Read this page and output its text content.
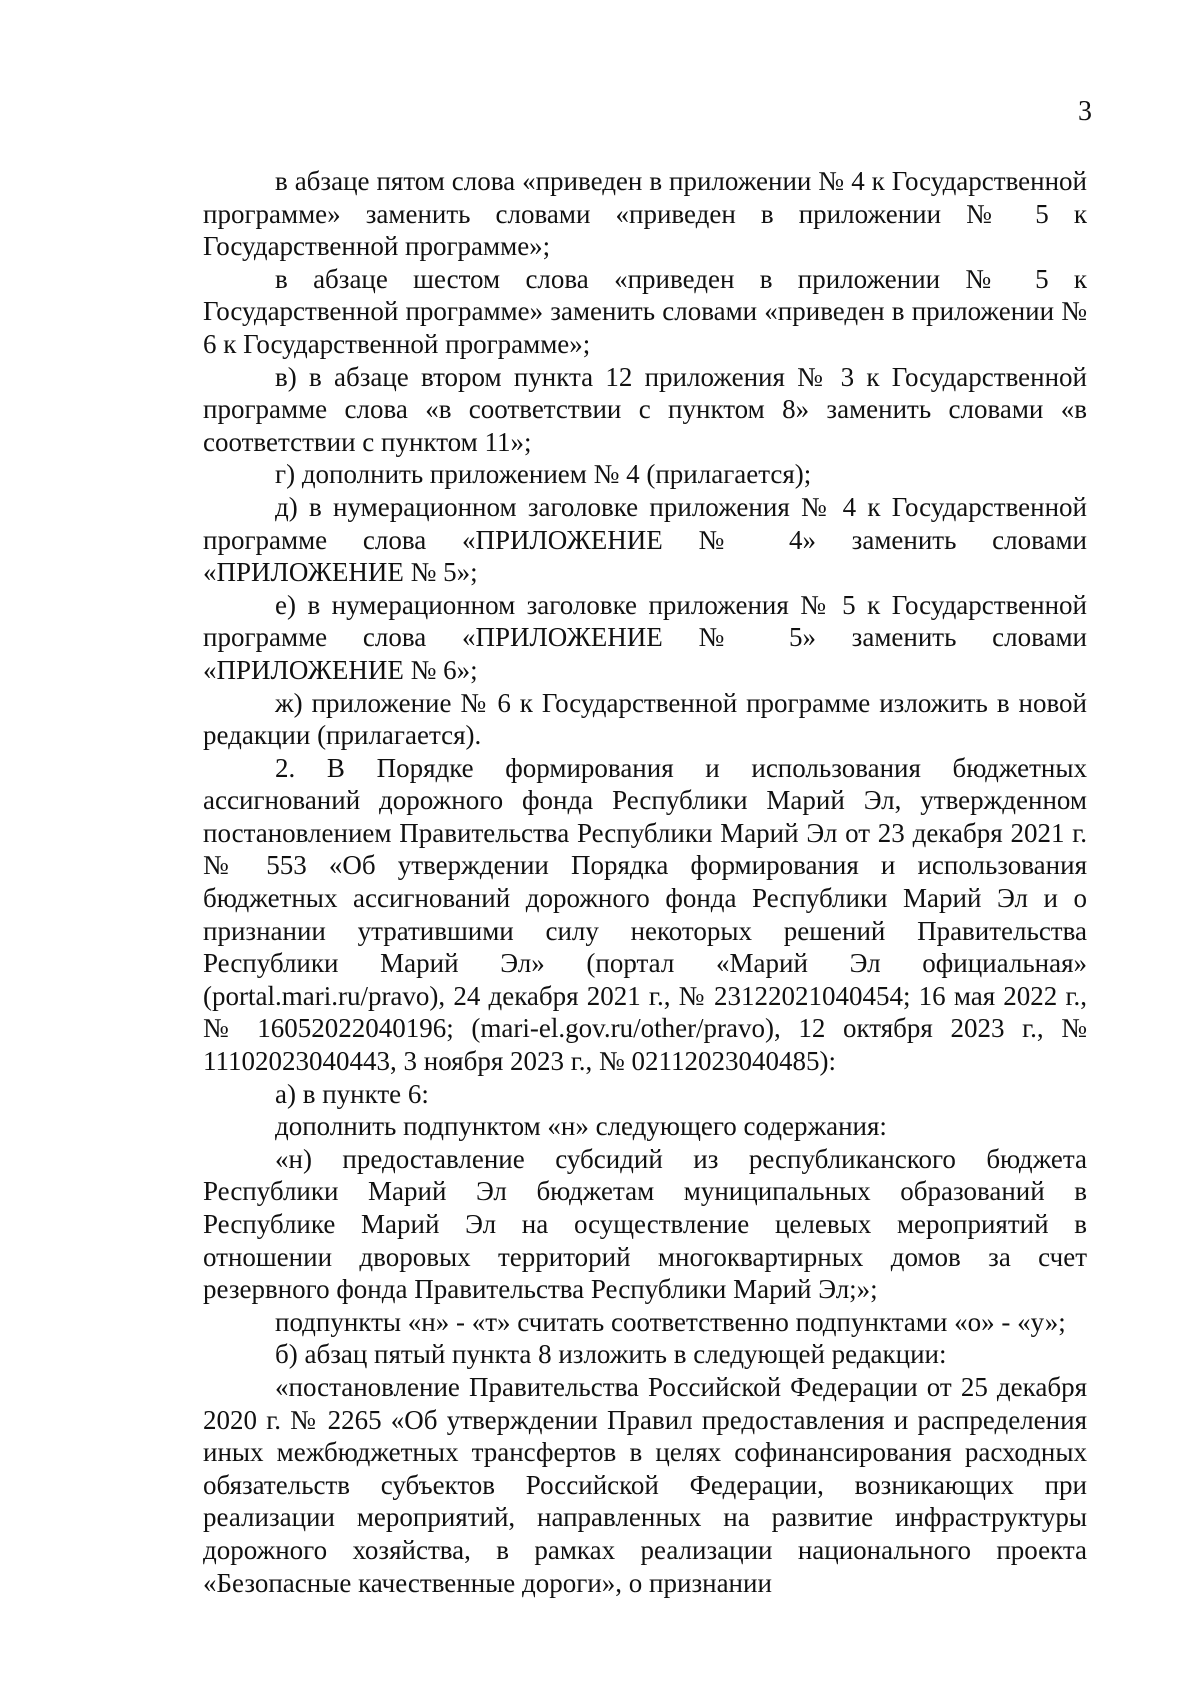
3

в абзаце пятом слова «приведен в приложении № 4 к Государственной программе» заменить словами «приведен в приложении № 5 к Государственной программе»;

в абзаце шестом слова «приведен в приложении № 5 к Государственной программе» заменить словами «приведен в приложении № 6 к Государственной программе»;

в) в абзаце втором пункта 12 приложения № 3 к Государственной программе слова «в соответствии с пунктом 8» заменить словами «в соответствии с пунктом 11»;

г) дополнить приложением № 4 (прилагается);

д) в нумерационном заголовке приложения № 4 к Государственной программе слова «ПРИЛОЖЕНИЕ № 4» заменить словами «ПРИЛОЖЕНИЕ № 5»;

е) в нумерационном заголовке приложения № 5 к Государственной программе слова «ПРИЛОЖЕНИЕ № 5» заменить словами «ПРИЛОЖЕНИЕ № 6»;

ж) приложение № 6 к Государственной программе изложить в новой редакции (прилагается).

2. В Порядке формирования и использования бюджетных ассигнований дорожного фонда Республики Марий Эл, утвержденном постановлением Правительства Республики Марий Эл от 23 декабря 2021 г. № 553 «Об утверждении Порядка формирования и использования бюджетных ассигнований дорожного фонда Республики Марий Эл и о признании утратившими силу некоторых решений Правительства Республики Марий Эл» (портал «Марий Эл официальная» (portal.mari.ru/pravo), 24 декабря 2021 г., № 23122021040454; 16 мая 2022 г., № 16052022040196; (mari-el.gov.ru/other/pravo), 12 октября 2023 г., № 11102023040443, 3 ноября 2023 г., № 02112023040485):

а) в пункте 6:

дополнить подпунктом «н» следующего содержания:

«н) предоставление субсидий из республиканского бюджета Республики Марий Эл бюджетам муниципальных образований в Республике Марий Эл на осуществление целевых мероприятий в отношении дворовых территорий многоквартирных домов за счет резервного фонда Правительства Республики Марий Эл;»;

подпункты «н» - «т» считать соответственно подпунктами «о» - «у»;

б) абзац пятый пункта 8 изложить в следующей редакции:

«постановление Правительства Российской Федерации от 25 декабря 2020 г. № 2265 «Об утверждении Правил предоставления и распределения иных межбюджетных трансфертов в целях софинансирования расходных обязательств субъектов Российской Федерации, возникающих при реализации мероприятий, направленных на развитие инфраструктуры дорожного хозяйства, в рамках реализации национального проекта «Безопасные качественные дороги», о признании
